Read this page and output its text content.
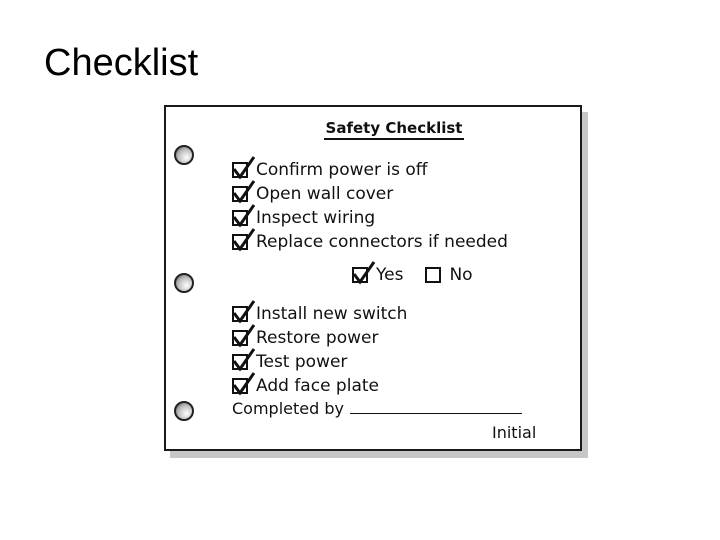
Checklist
Safety Checklist
Confirm power is off
Open wall cover
Inspect wiring
Replace connectors if needed
Yes	No
Install new switch
Restore power
Test power
Add face plate
Completed by
Initial
